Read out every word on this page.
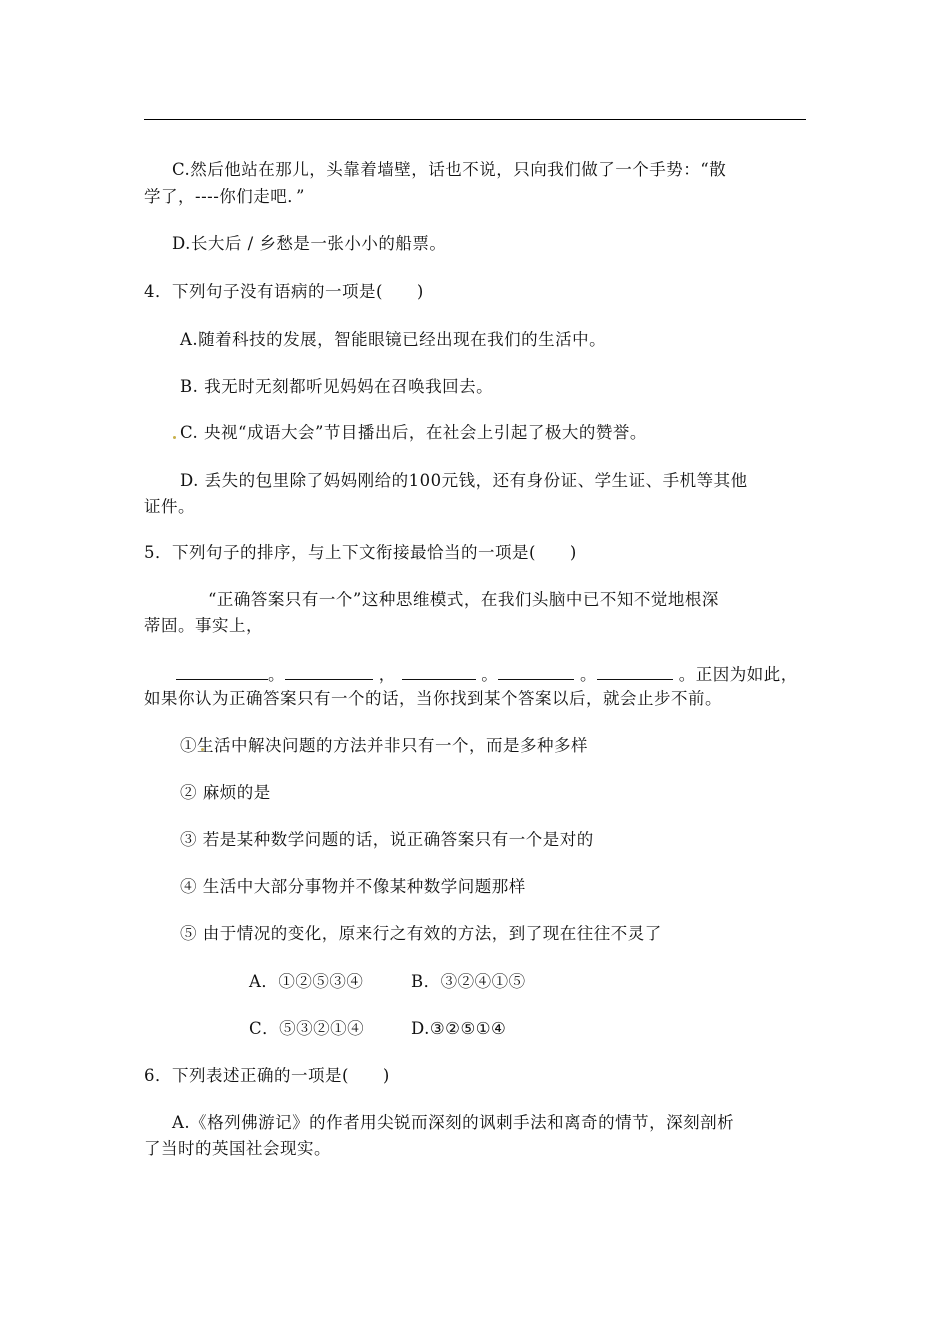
C.然后他站在那儿，头靠着墙壁，话也不说，只向我们做了一个手势：“散
学了，----你们走吧．”
D.长大后 / 乡愁是一张小小的船票。
4．下列句子没有语病的一项是(　　)
A.随着科技的发展，智能眼镜已经出现在我们的生活中。
B. 我无时无刻都听见妈妈在召唤我回去。
C. 央视“成语大会”节目播出后，在社会上引起了极大的赞誉。
D. 丢失的包里除了妈妈刚给的100元钱，还有身份证、学生证、手机等其他
证件。
5．下列句子的排序，与上下文衔接最恰当的一项是(　　)
“正确答案只有一个”这种思维模式，在我们头脑中已不知不觉地根深
蒂固。事实上，
。	，	。	。	。正因为如此，
如果你认为正确答案只有一个的话，当你找到某个答案以后，就会止步不前。
①生活中解决问题的方法并非只有一个，而是多种多样
② 麻烦的是
③ 若是某种数学问题的话，说正确答案只有一个是对的
④ 生活中大部分事物并不像某种数学问题那样
⑤ 由于情况的变化，原来行之有效的方法，到了现在往往不灵了
A．①②⑤③④	B．③②④①⑤
C．⑤③②①④	D.③②⑤①④
6．下列表述正确的一项是(　　)
A.《格列佛游记》的作者用尖锐而深刻的讽刺手法和离奇的情节，深刻剖析
了当时的英国社会现实。
